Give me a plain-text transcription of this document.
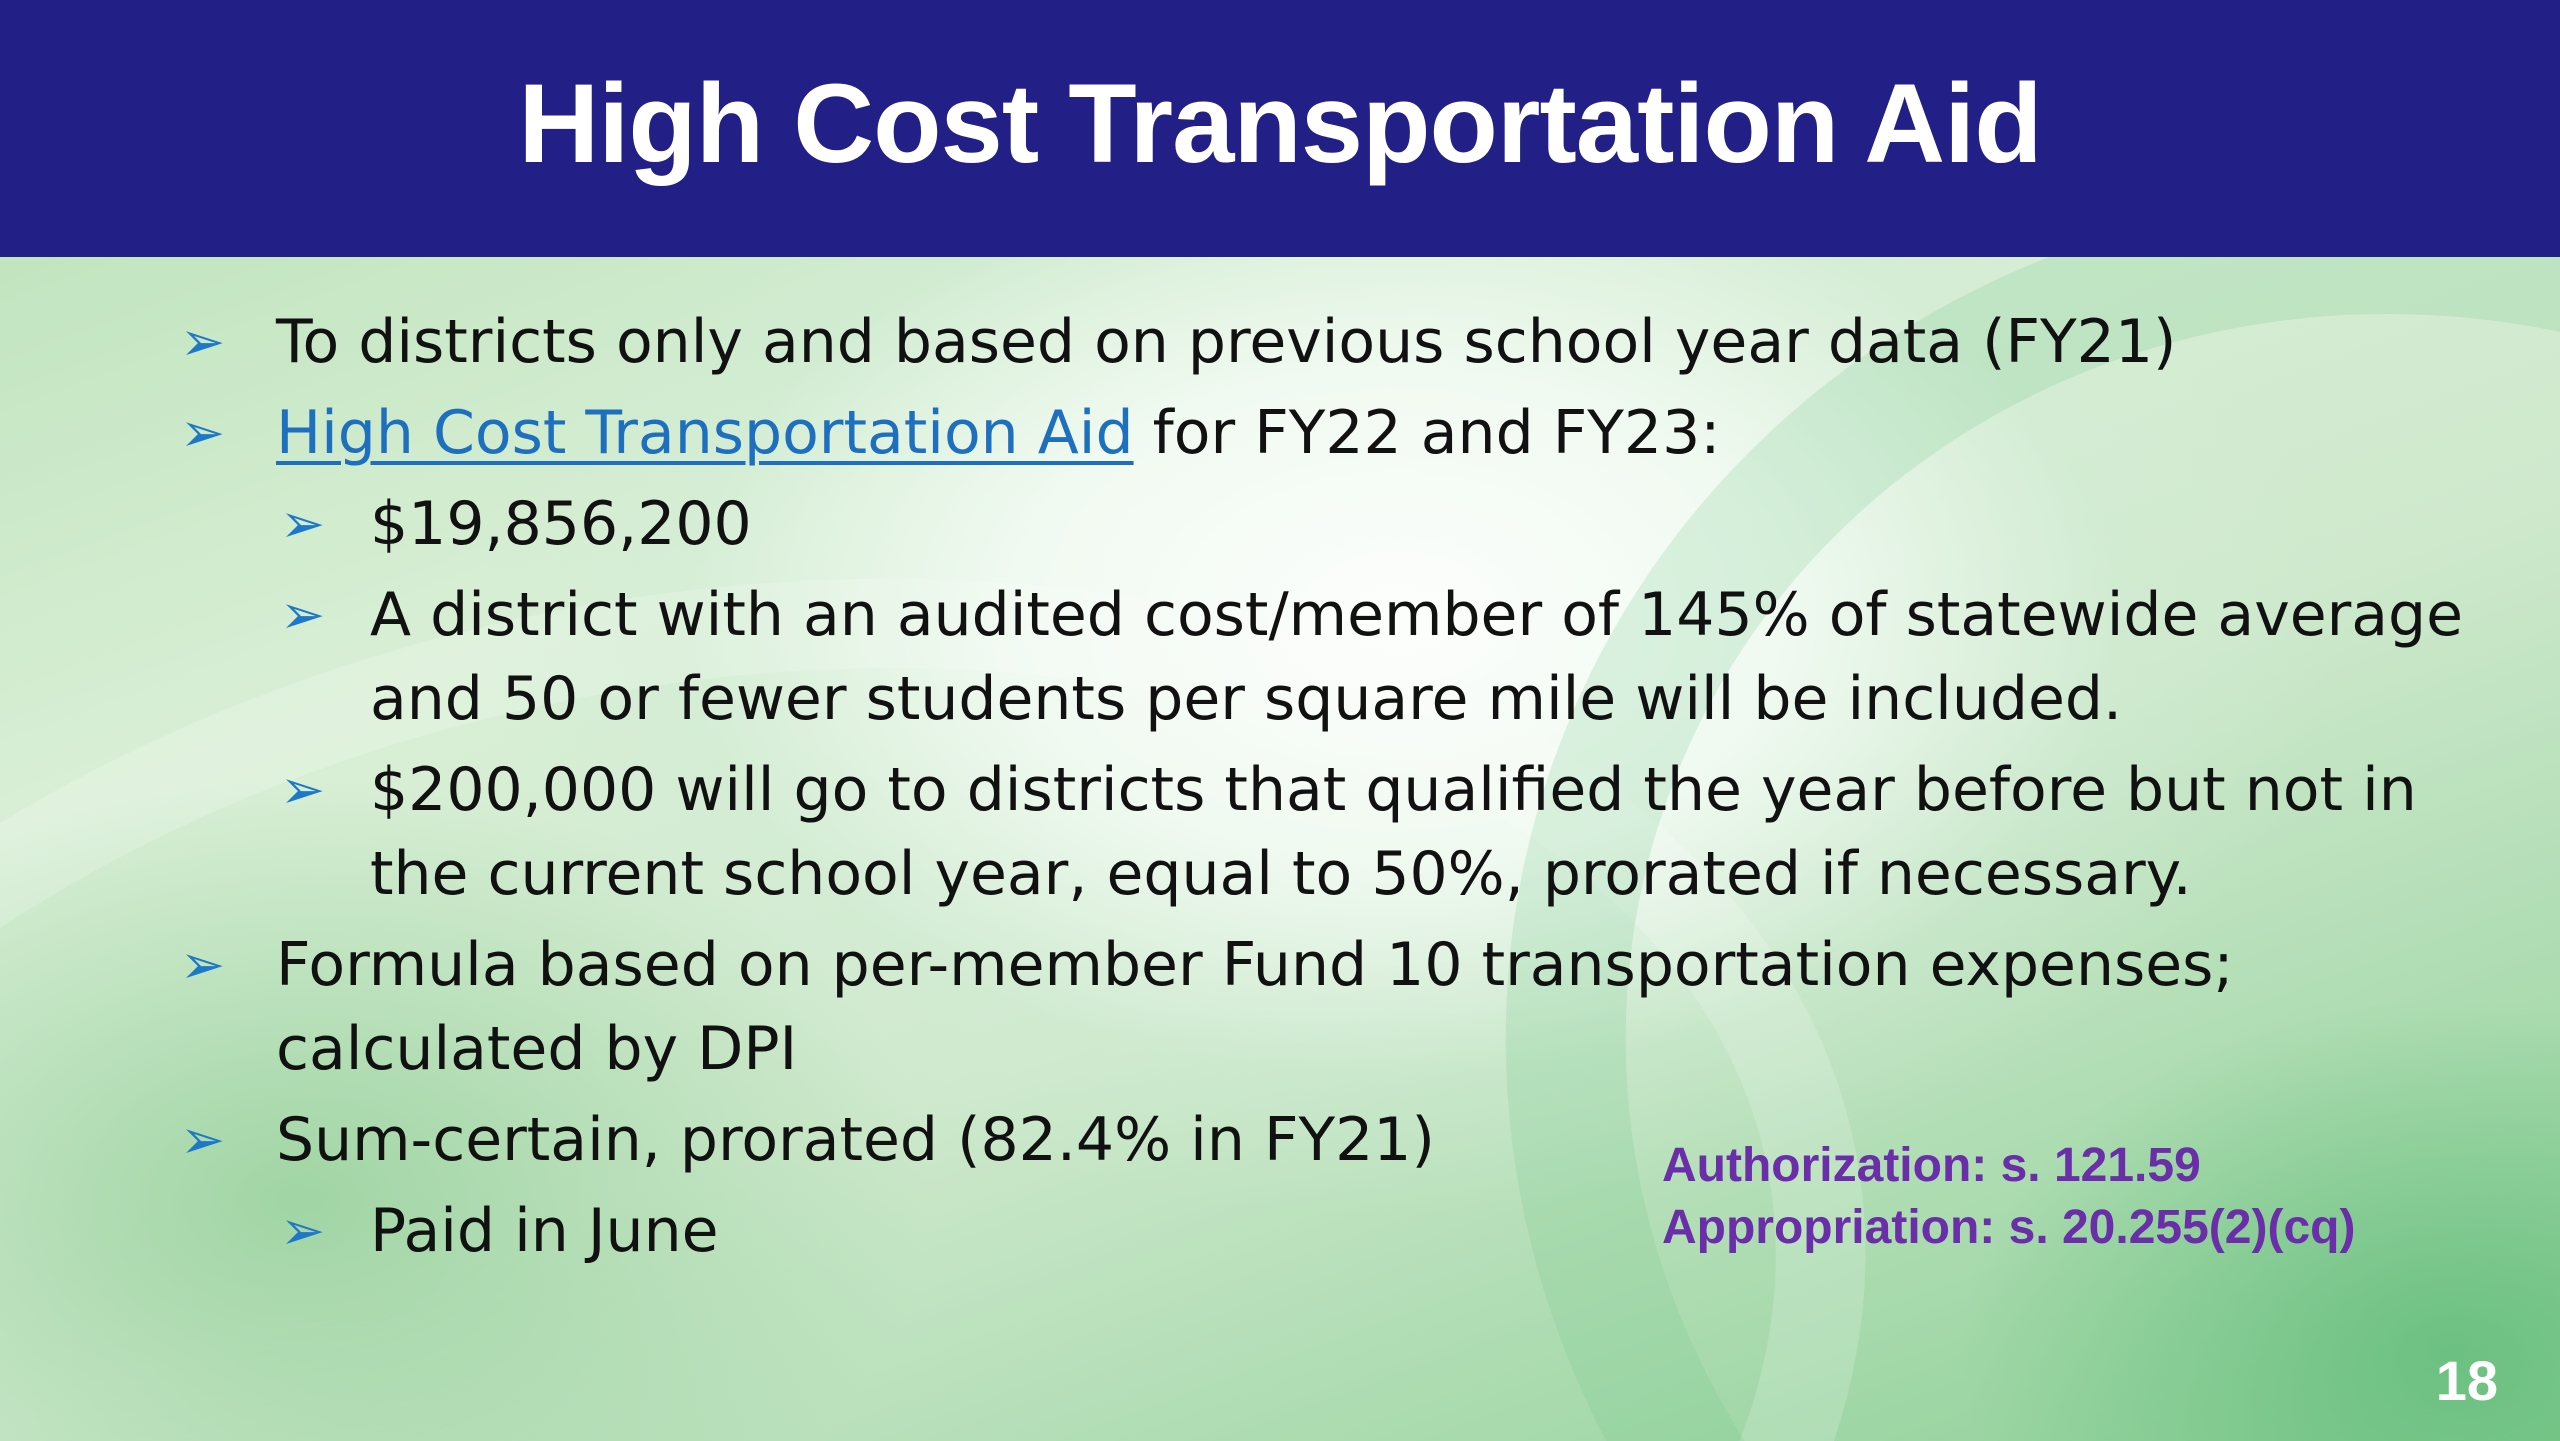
High Cost Transportation Aid
➢ To districts only and based on previous school year data (FY21)
➢ High Cost Transportation Aid for FY22 and FY23:
➢ $19,856,200
➢ A district with an audited cost/member of 145% of statewide average and 50 or fewer students per square mile will be included.
➢ $200,000 will go to districts that qualified the year before but not in the current school year, equal to 50%, prorated if necessary.
➢ Formula based on per-member Fund 10 transportation expenses; calculated by DPI
➢ Sum-certain, prorated (82.4% in FY21)
➢ Paid in June
Authorization: s. 121.59
Appropriation: s. 20.255(2)(cq)
18
